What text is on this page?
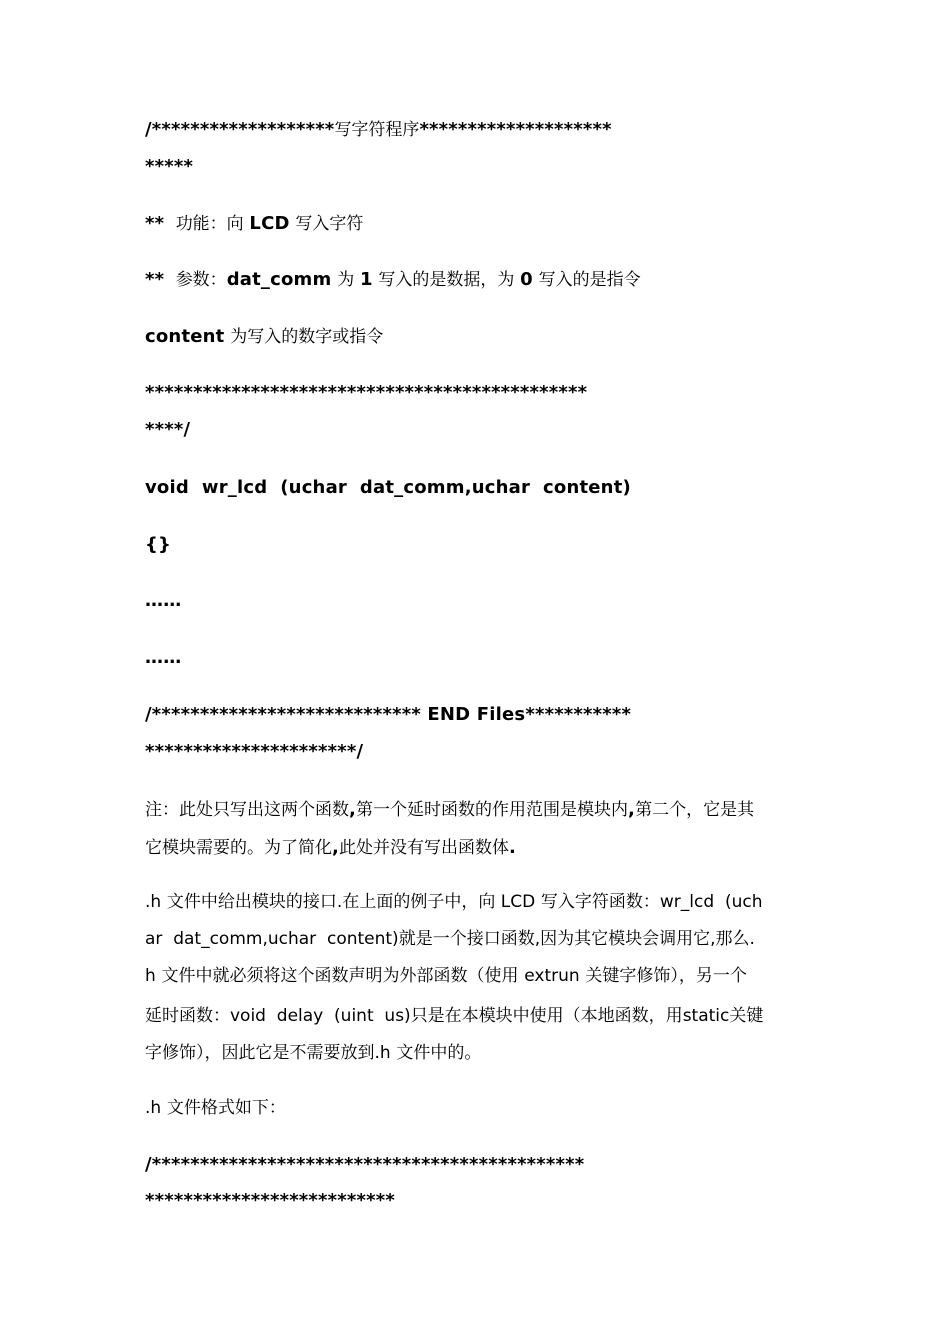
/*******************写字符程序********************
*****
** 功能：向 LCD 写入字符
** 参数：dat_comm 为 1 写入的是数据，为 0 写入的是指令
content 为写入的数字或指令
**********************************************
****/
void  wr_lcd  (uchar  dat_comm,uchar  content)
{}
……
……
/**************************** END Files***********
**********************/
注：此处只写出这两个函数,第一个延时函数的作用范围是模块内,第二个，它是其
它模块需要的。为了简化,此处并没有写出函数体.
.h 文件中给出模块的接口.在上面的例子中，向 LCD 写入字符函数：wr_lcd  (uch
ar  dat_comm,uchar  content)就是一个接口函数,因为其它模块会调用它,那么.
h 文件中就必须将这个函数声明为外部函数（使用 extrun 关键字修饰），另一个
延时函数：void  delay  (uint  us)只是在本模块中使用（本地函数，用static关键
字修饰），因此它是不需要放到.h 文件中的。
.h 文件格式如下：
/*********************************************
**************************
